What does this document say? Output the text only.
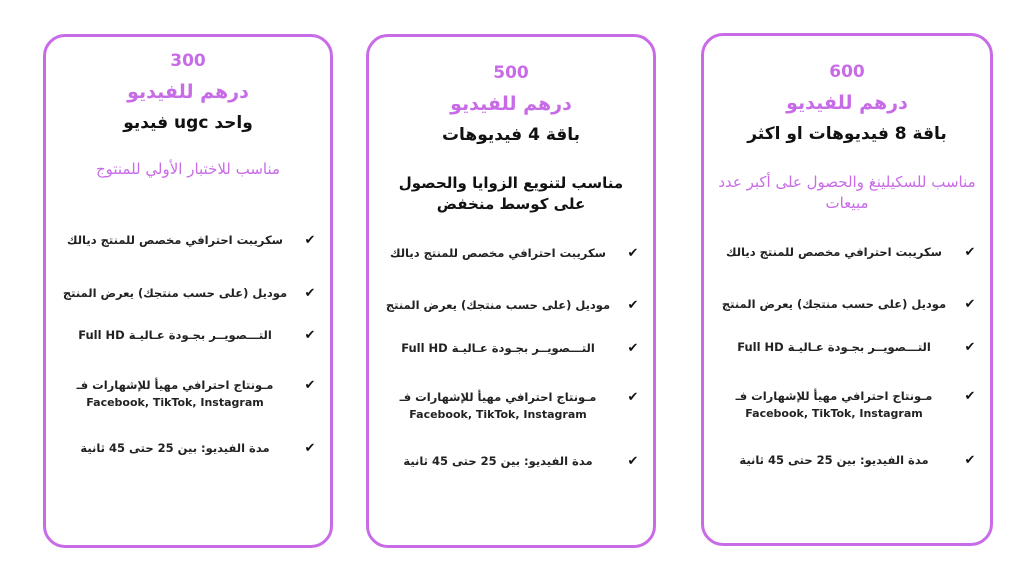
300
درهم للفيديو
واحد ugc فيديو
مناسب للاختبار الأولي للمنتوج
✔
سكريبت احترافي مخصص للمنتج ديالك
✔
موديل (على حسب منتجك) يعرض المنتج
✔
التـــصويــر بجـودة عـاليـة Full HD
✔
مـونتاج احترافي مهيأ للإشهارات فـ
Facebook, TikTok, Instagram
✔
مدة الفيديو: بين 25 حتى 45 ثانية
500
درهم للفيديو
باقة 4 فيديوهات
مناسب لتنويع الزوايا والحصول على كوسط منخفض
✔
سكريبت احترافي مخصص للمنتج ديالك
✔
موديل (على حسب منتجك) يعرض المنتج
✔
التـــصويــر بجـودة عـاليـة Full HD
✔
مـونتاج احترافي مهيأ للإشهارات فـ
Facebook, TikTok, Instagram
✔
مدة الفيديو: بين 25 حتى 45 ثانية
600
درهم للفيديو
باقة 8 فيديوهات او اكثر
مناسب للسكيلينغ والحصول على أكبر عدد مبيعات
✔
سكريبت احترافي مخصص للمنتج ديالك
✔
موديل (على حسب منتجك) يعرض المنتج
✔
التـــصويــر بجـودة عـاليـة Full HD
✔
مـونتاج احترافي مهيأ للإشهارات فـ
Facebook, TikTok, Instagram
✔
مدة الفيديو: بين 25 حتى 45 ثانية
